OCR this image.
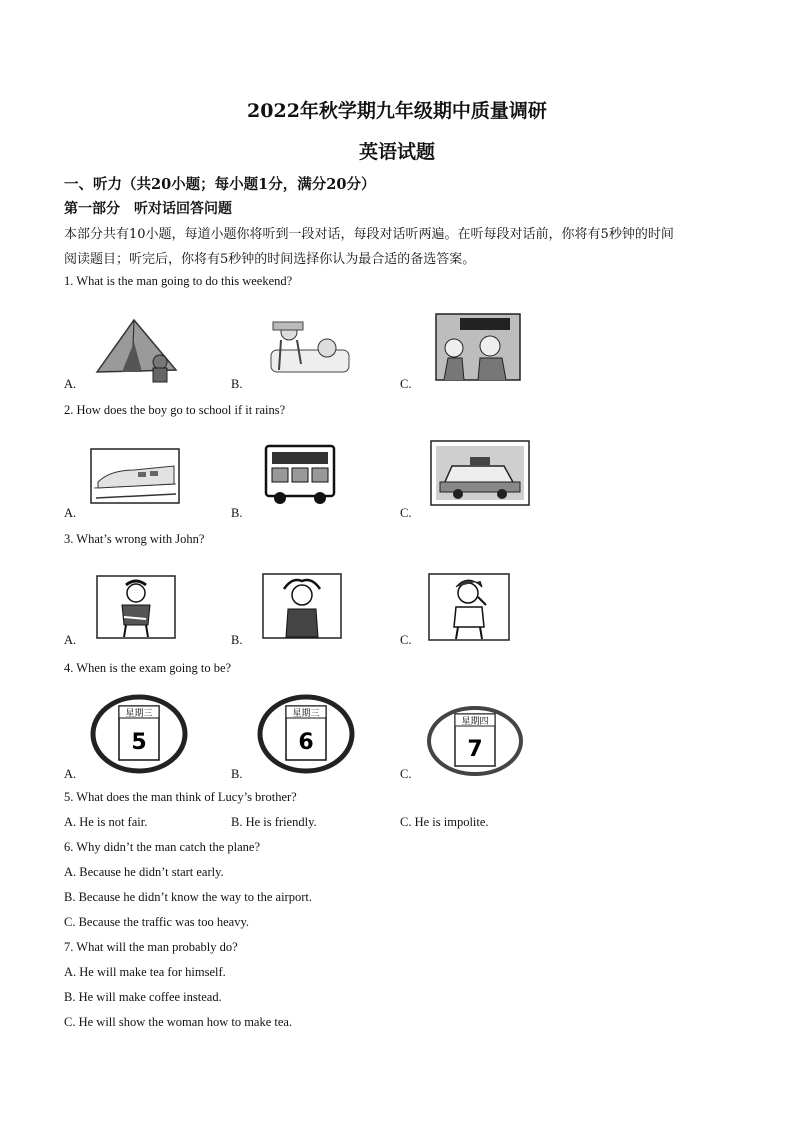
2022年秋学期九年级期中质量调研
英语试题
一、听力（共20小题；每小题1分，满分20分）
第一部分　听对话回答问题
本部分共有10小题，每道小题你将听到一段对话，每段对话听两遍。在听每段对话前，你将有5秒钟的时间
阅读题目；听完后，你将有5秒钟的时间选择你认为最合适的备选答案。
1. What is the man going to do this weekend?
A.	B.	C.
2. How does the boy go to school if it rains?
A.	B.	C.
3. What’s wrong with John?
A.	B.	C.
4. When is the exam going to be?
A.	B.	C.
星期三
5
星期三
6
星期四
7
5. What does the man think of Lucy’s brother?
A. He is not fair.	B. He is friendly.	C. He is impolite.
6. Why didn’t the man catch the plane?
A. Because he didn’t start early.
B. Because he didn’t know the way to the airport.
C. Because the traffic was too heavy.
7. What will the man probably do?
A. He will make tea for himself.
B. He will make coffee instead.
C. He will show the woman how to make tea.
